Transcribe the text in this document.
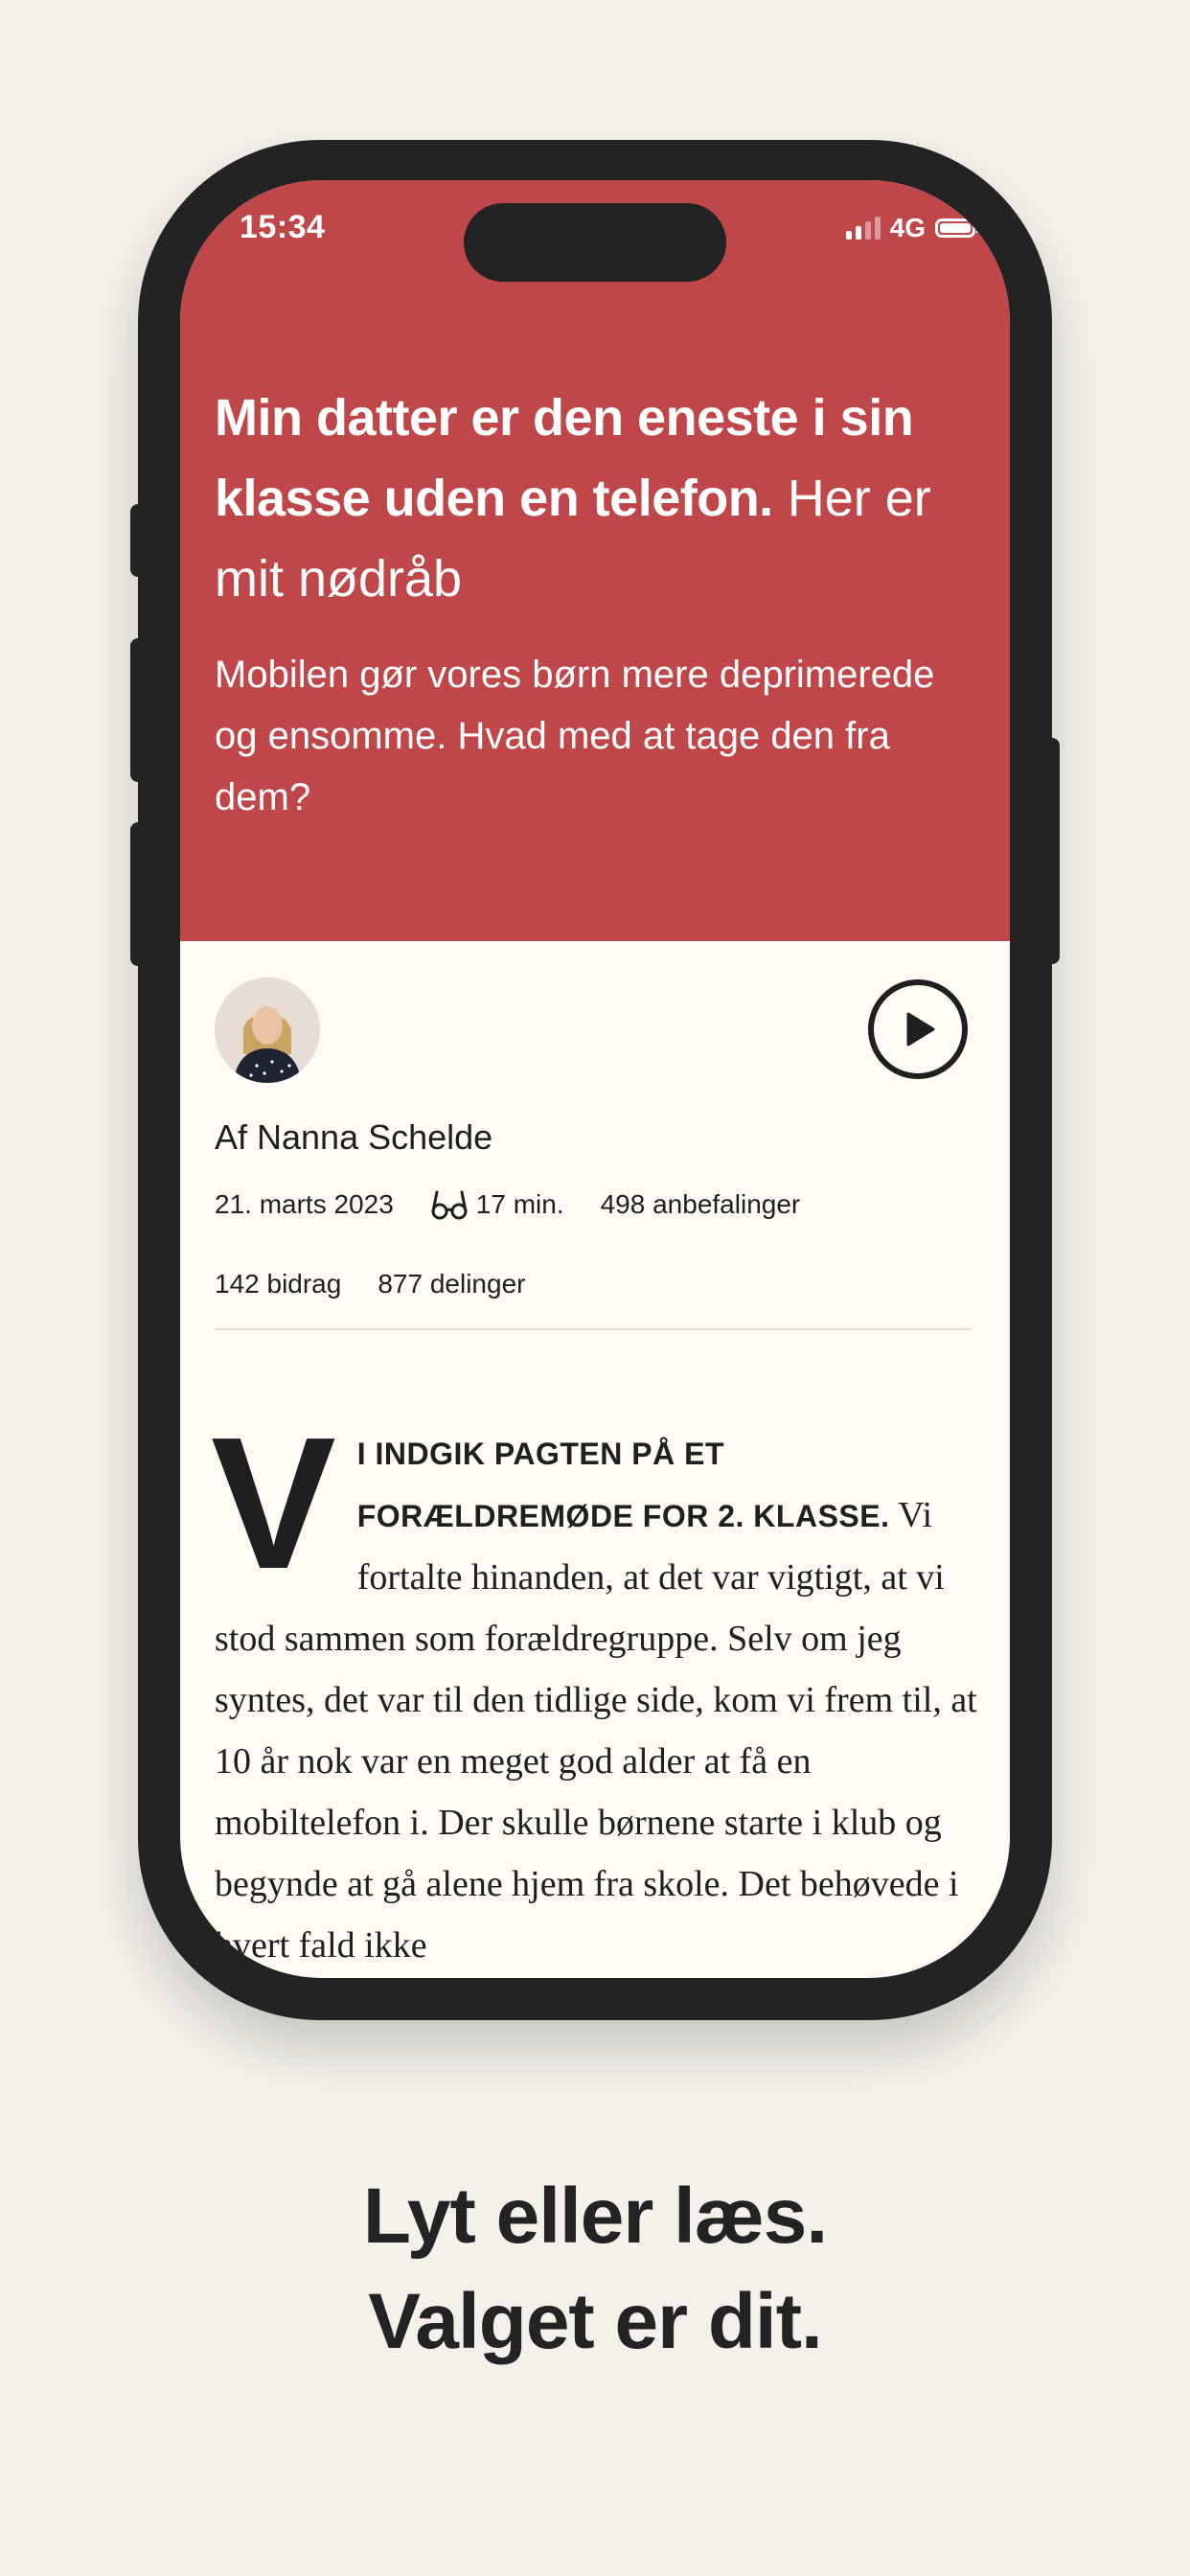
15:34	4G
Min datter er den eneste i sin klasse uden en telefon. Her er mit nødråb

Mobilen gør vores børn mere deprimerede og ensomme. Hvad med at tage den fra dem?

Af Nanna Schelde
21. marts 2023	17 min. 498 anbefalinger
142 bidrag 877 delinger

V I INDGIK PAGTEN PÅ ET FORÆLDREMØDE FOR 2. KLASSE. Vi fortalte hinanden, at det var vigtigt, at vi stod sammen som forældregruppe. Selv om jeg syntes, det var til den tidlige side, kom vi frem til, at 10 år nok var en meget god alder at få en mobiltelefon i. Der skulle børnene starte i klub og begynde at gå alene hjem fra skole. Det behøvede i hvert fald ikke

Lyt eller læs.
Valget er dit.
